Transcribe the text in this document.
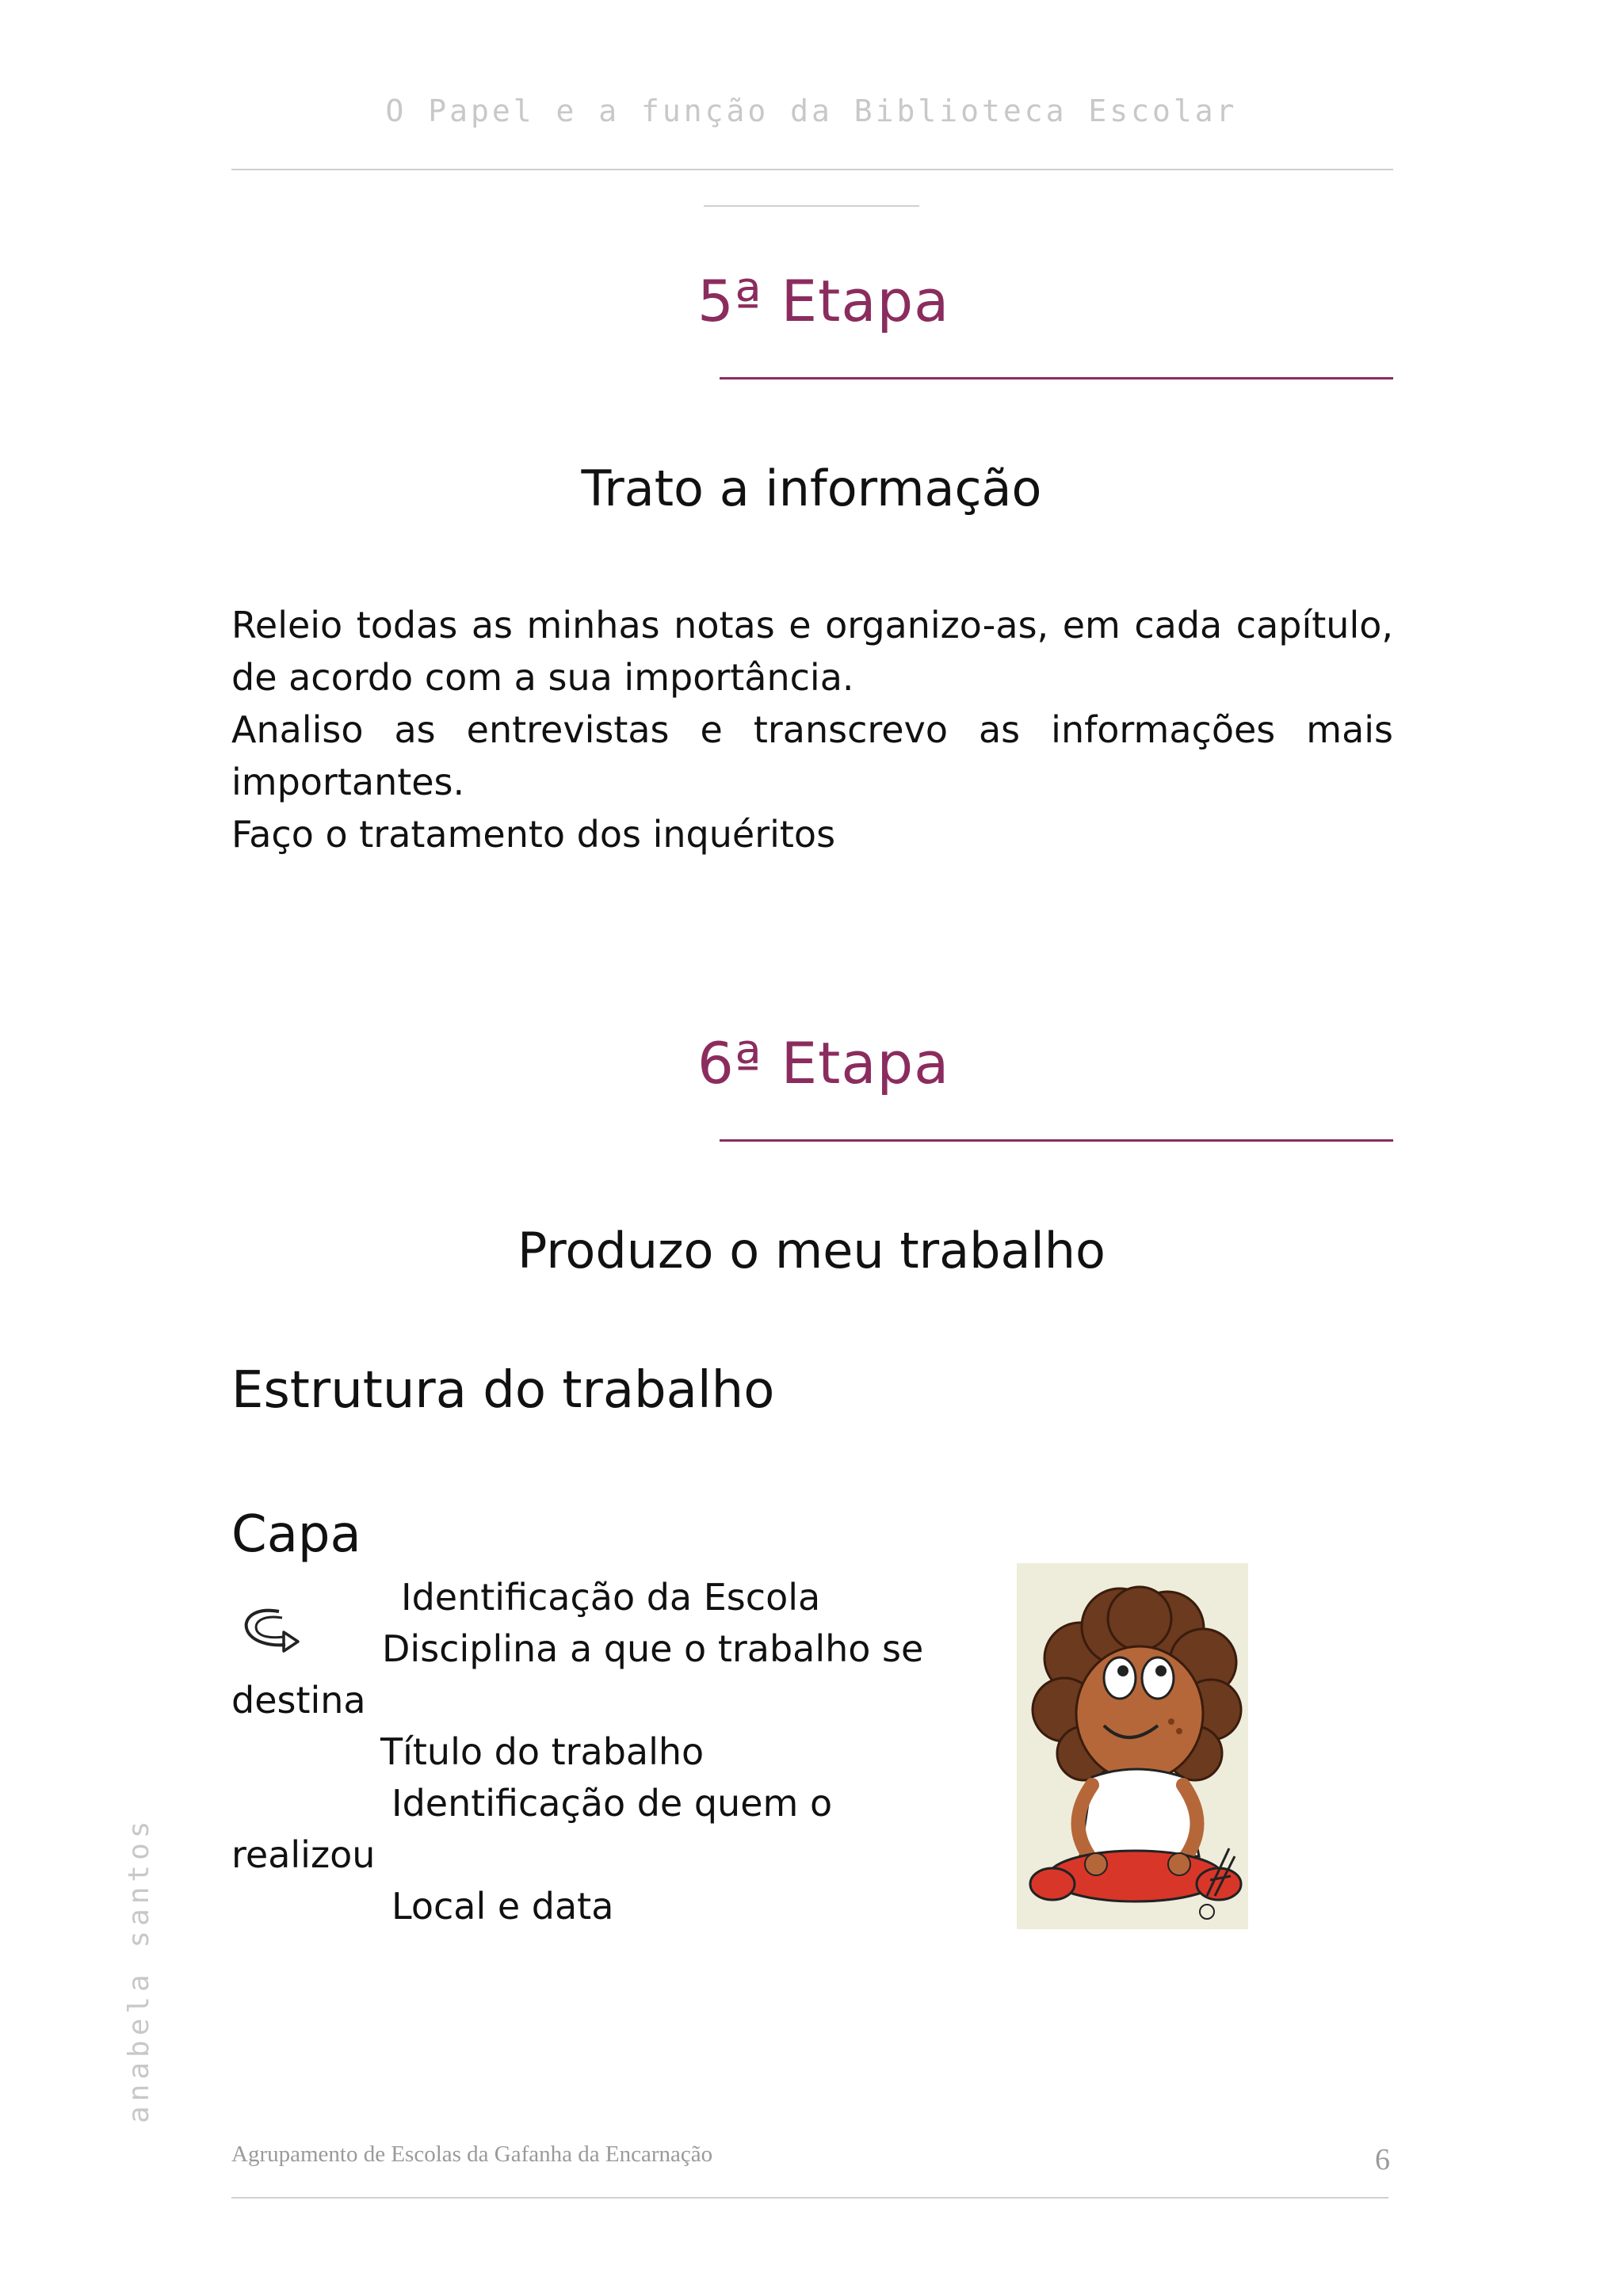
O Papel e a função da Biblioteca Escolar
5ª Etapa
Trato a informação

Releio todas as minhas notas e organizo-as, em cada capítulo, de acordo com a sua importância.

Analiso as entrevistas e transcrevo as informações mais importantes.

Faço o tratamento dos inquéritos

6ª Etapa
Produzo o meu trabalho
Estrutura do trabalho
Capa
Identificação da Escola
Disciplina a que o trabalho se
destina
Título do trabalho
Identificação de quem o
realizou
Local e data
anabela santos
Agrupamento de Escolas da Gafanha da Encarnação	6
